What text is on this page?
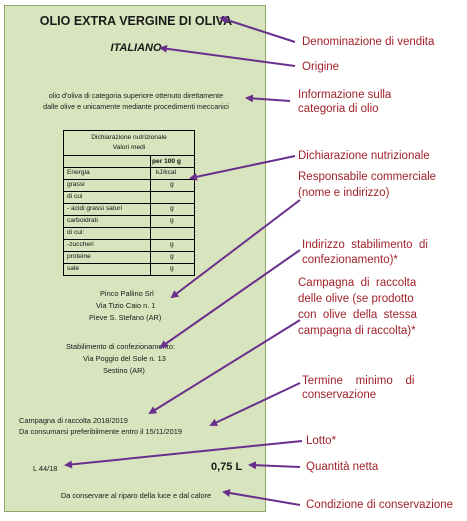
OLIO EXTRA VERGINE DI OLIVA
ITALIANO
olio d'oliva di categoria superiore ottenuto direttamente
dalle olive e unicamente mediante procedimenti meccanici
Dichiarazione nutrizionale
Valori medi
per 100 g
Energia	kJ/kcal
grassi	g
di cui
- acidi grassi saturi	g
carboidrati	g
di cui:
-zuccheri	g
proteine	g
sale	g
Pinco Pallino Srl
Via Tizio Caio n. 1
Pieve S. Stefano (AR)
Stabilimento di confezionamento:
Via Poggio del Sole n. 13
Sestino (AR)
Campagna di raccolta 2018/2019
Da consumarsi preferibilmente entro il 15/11/2019
L 44/18	0,75 L
Da conservare al riparo della luce e dal calore
Denominazione di vendita
Origine
Informazione sulla
categoria di olio
Dichiarazione nutrizionale
Responsabile commerciale
(nome e indirizzo)
Indirizzo  stabilimento  di
confezionamento)*
Campagna  di  raccolta
delle olive (se prodotto
con  olive  della  stessa
campagna di raccolta)*
Termine    minimo    di
conservazione
Lotto*
Quantità netta
Condizione di conservazione
